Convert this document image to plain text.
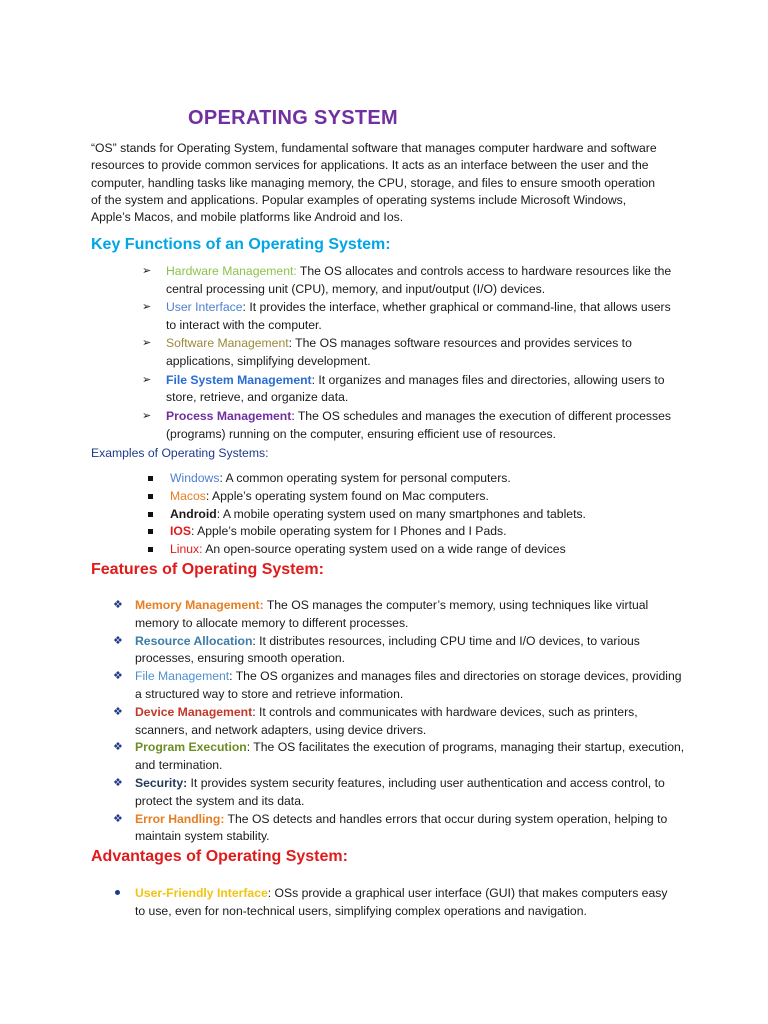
OPERATING SYSTEM

“OS” stands for Operating System, fundamental software that manages computer hardware and software resources to provide common services for applications. It acts as an interface between the user and the computer, handling tasks like managing memory, the CPU, storage, and files to ensure smooth operation of the system and applications. Popular examples of operating systems include Microsoft Windows, Apple’s Macos, and mobile platforms like Android and Ios.

Key Functions of an Operating System:
➢ Hardware Management: The OS allocates and controls access to hardware resources like the central processing unit (CPU), memory, and input/output (I/O) devices.
➢ User Interface: It provides the interface, whether graphical or command-line, that allows users to interact with the computer.
➢ Software Management: The OS manages software resources and provides services to applications, simplifying development.
➢ File System Management: It organizes and manages files and directories, allowing users to store, retrieve, and organize data.
➢ Process Management: The OS schedules and manages the execution of different processes (programs) running on the computer, ensuring efficient use of resources.

Examples of Operating Systems:

Windows: A common operating system for personal computers.
Macos: Apple’s operating system found on Mac computers.
Android: A mobile operating system used on many smartphones and tablets.
IOS: Apple’s mobile operating system for I Phones and I Pads.
Linux: An open-source operating system used on a wide range of devices
Features of Operating System:
❖ Memory Management: The OS manages the computer’s memory, using techniques like virtual memory to allocate memory to different processes.
❖ Resource Allocation: It distributes resources, including CPU time and I/O devices, to various processes, ensuring smooth operation.
❖ File Management: The OS organizes and manages files and directories on storage devices, providing a structured way to store and retrieve information.
❖ Device Management: It controls and communicates with hardware devices, such as printers, scanners, and network adapters, using device drivers.
❖ Program Execution: The OS facilitates the execution of programs, managing their startup, execution, and termination.
❖ Security: It provides system security features, including user authentication and access control, to protect the system and its data.
❖ Error Handling: The OS detects and handles errors that occur during system operation, helping to maintain system stability.
Advantages of Operating System:
User-Friendly Interface: OSs provide a graphical user interface (GUI) that makes computers easy to use, even for non-technical users, simplifying complex operations and navigation.
